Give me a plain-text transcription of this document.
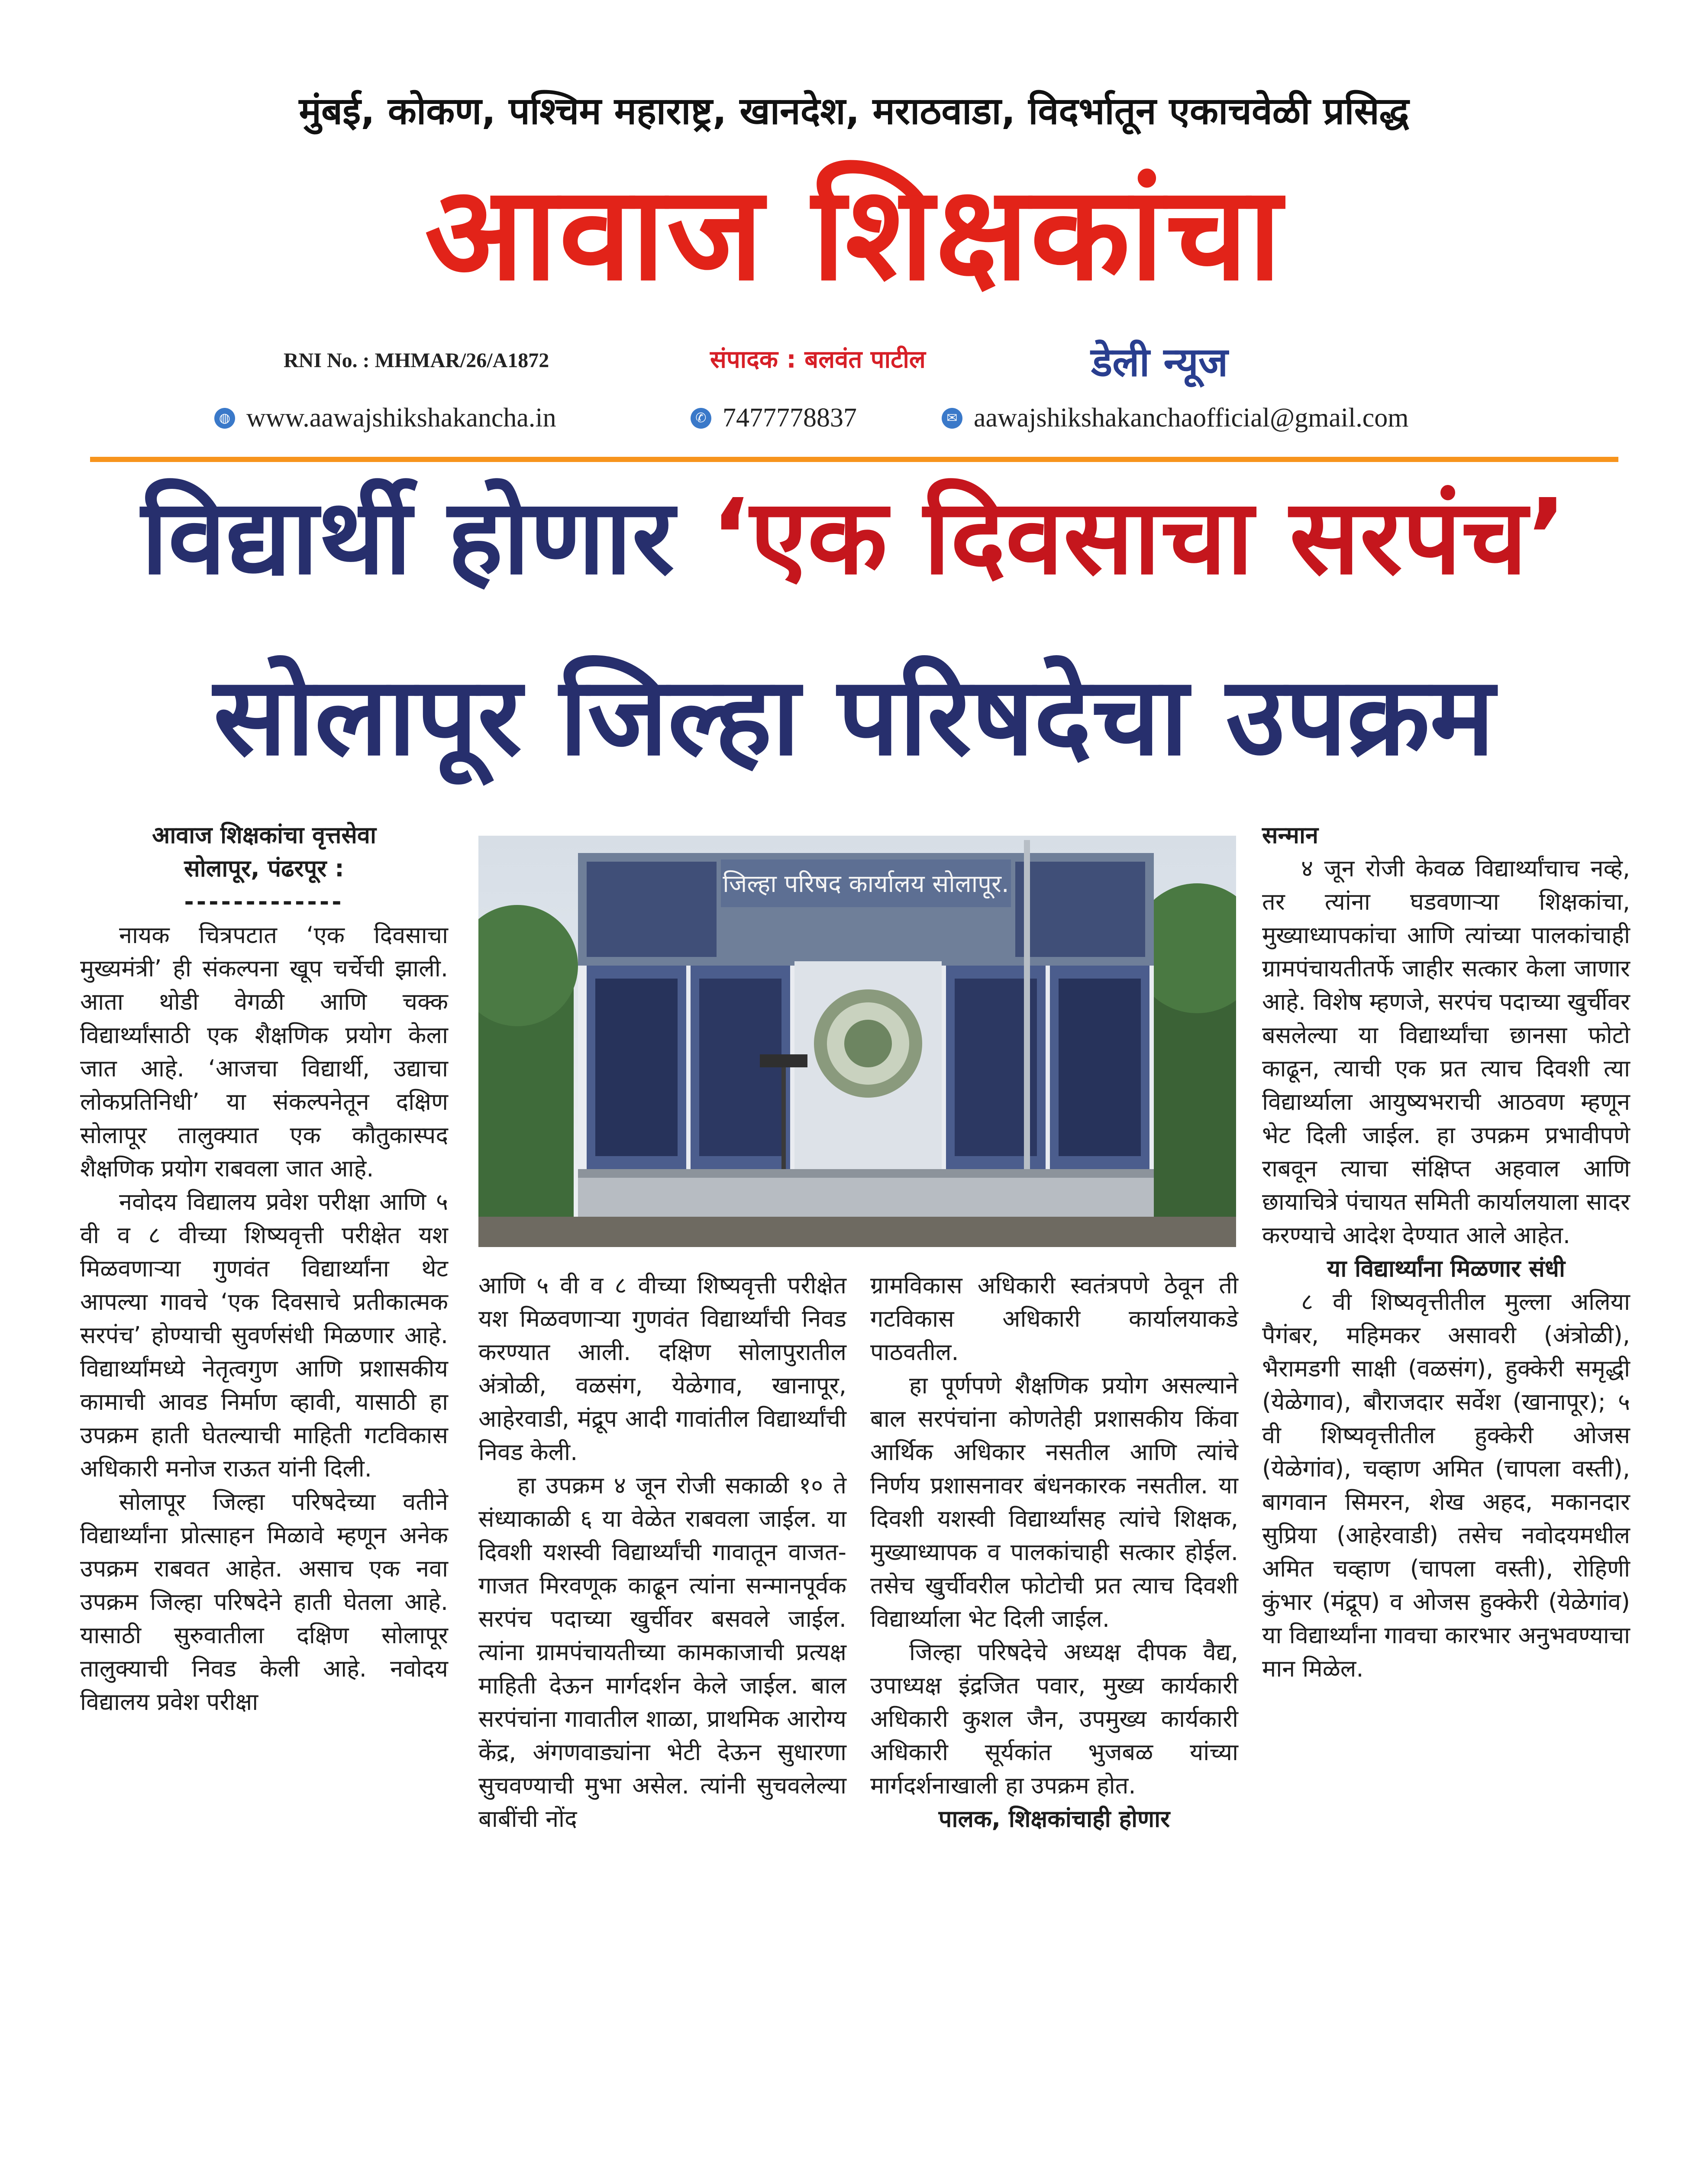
मुंबई, कोकण, पश्चिम महाराष्ट्र, खानदेश, मराठवाडा, विदर्भातून एकाचवेळी प्रसिद्ध
आवाज शिक्षकांचा
RNI No. : MHMAR/26/A1872	संपादक : बलवंत पाटील	डेली न्यूज
◍ www.aawajshikshakancha.in	✆ 7477778837	✉ aawajshikshakanchaofficial@gmail.com
विद्यार्थी होणार ‘एक दिवसाचा सरपंच’
सोलापूर जिल्हा परिषदेचा उपक्रम
जिल्हा परिषद कार्यालय सोलापूर.

आवाज शिक्षकांचा वृत्तसेवा

सोलापूर, पंढरपूर :

-------------

नायक चित्रपटात ‘एक दिवसाचा मुख्यमंत्री’ ही संकल्पना खूप चर्चेची झाली. आता थोडी वेगळी आणि चक्क विद्यार्थ्यांसाठी एक शैक्षणिक प्रयोग केला जात आहे. ‘आजचा विद्यार्थी, उद्याचा लोकप्रतिनिधी’ या संकल्पनेतून दक्षिण सोलापूर तालुक्यात एक कौतुकास्पद शैक्षणिक प्रयोग राबवला जात आहे.

नवोदय विद्यालय प्रवेश परीक्षा आणि ५ वी व ८ वीच्या शिष्यवृत्ती परीक्षेत यश मिळवणाऱ्या गुणवंत विद्यार्थ्यांना थेट आपल्या गावचे ‘एक दिवसाचे प्रतीकात्मक सरपंच’ होण्याची सुवर्णसंधी मिळणार आहे. विद्यार्थ्यांमध्ये नेतृत्वगुण आणि प्रशासकीय कामाची आवड निर्माण व्हावी, यासाठी हा उपक्रम हाती घेतल्याची माहिती गटविकास अधिकारी मनोज राऊत यांनी दिली.

सोलापूर जिल्हा परिषदेच्या वतीने विद्यार्थ्यांना प्रोत्साहन मिळावे म्हणून अनेक उपक्रम राबवत आहेत. असाच एक नवा उपक्रम जिल्हा परिषदेने हाती घेतला आहे. यासाठी सुरुवातीला दक्षिण सोलापूर तालुक्याची निवड केली आहे. नवोदय विद्यालय प्रवेश परीक्षा

आणि ५ वी व ८ वीच्या शिष्यवृत्ती परीक्षेत यश मिळवणाऱ्या गुणवंत विद्यार्थ्यांची निवड करण्यात आली. दक्षिण सोलापुरातील अंत्रोळी, वळसंग, येळेगाव, खानापूर, आहेरवाडी, मंद्रूप आदी गावांतील विद्यार्थ्यांची निवड केली.

हा उपक्रम ४ जून रोजी सकाळी १० ते संध्याकाळी ६ या वेळेत राबवला जाईल. या दिवशी यशस्वी विद्यार्थ्यांची गावातून वाजत-गाजत मिरवणूक काढून त्यांना सन्मानपूर्वक सरपंच पदाच्या खुर्चीवर बसवले जाईल. त्यांना ग्रामपंचायतीच्या कामकाजाची प्रत्यक्ष माहिती देऊन मार्गदर्शन केले जाईल. बाल सरपंचांना गावातील शाळा, प्राथमिक आरोग्य केंद्र, अंगणवाड्यांना भेटी देऊन सुधारणा सुचवण्याची मुभा असेल. त्यांनी सुचवलेल्या बाबींची नोंद

ग्रामविकास अधिकारी स्वतंत्रपणे ठेवून ती गटविकास अधिकारी कार्यालयाकडे पाठवतील.

हा पूर्णपणे शैक्षणिक प्रयोग असल्याने बाल सरपंचांना कोणतेही प्रशासकीय किंवा आर्थिक अधिकार नसतील आणि त्यांचे निर्णय प्रशासनावर बंधनकारक नसतील. या दिवशी यशस्वी विद्यार्थ्यांसह त्यांचे शिक्षक, मुख्याध्यापक व पालकांचाही सत्कार होईल. तसेच खुर्चीवरील फोटोची प्रत त्याच दिवशी विद्यार्थ्याला भेट दिली जाईल.

जिल्हा परिषदेचे अध्यक्ष दीपक वैद्य, उपाध्यक्ष इंद्रजित पवार, मुख्य कार्यकारी अधिकारी कुशल जैन, उपमुख्य कार्यकारी अधिकारी सूर्यकांत भुजबळ यांच्या मार्गदर्शनाखाली हा उपक्रम होत.

पालक, शिक्षकांचाही होणार

सन्मान

४ जून रोजी केवळ विद्यार्थ्यांचाच नव्हे, तर त्यांना घडवणाऱ्या शिक्षकांचा, मुख्याध्यापकांचा आणि त्यांच्या पालकांचाही ग्रामपंचायतीतर्फे जाहीर सत्कार केला जाणार आहे. विशेष म्हणजे, सरपंच पदाच्या खुर्चीवर बसलेल्या या विद्यार्थ्यांचा छानसा फोटो काढून, त्याची एक प्रत त्याच दिवशी त्या विद्यार्थ्याला आयुष्यभराची आठवण म्हणून भेट दिली जाईल. हा उपक्रम प्रभावीपणे राबवून त्याचा संक्षिप्त अहवाल आणि छायाचित्रे पंचायत समिती कार्यालयाला सादर करण्याचे आदेश देण्यात आले आहेत.

या विद्यार्थ्यांना मिळणार संधी

८ वी शिष्यवृत्तीतील मुल्ला अलिया पैगंबर, महिमकर असावरी (अंत्रोळी), भैरामडगी साक्षी (वळसंग), हुक्केरी समृद्धी (येळेगाव), बौराजदार सर्वेश (खानापूर); ५ वी शिष्यवृत्तीतील हुक्केरी ओजस (येळेगांव), चव्हाण अमित (चापला वस्ती), बागवान सिमरन, शेख अहद, मकानदार सुप्रिया (आहेरवाडी) तसेच नवोदयमधील अमित चव्हाण (चापला वस्ती), रोहिणी कुंभार (मंद्रूप) व ओजस हुक्केरी (येळेगांव) या विद्यार्थ्यांना गावचा कारभार अनुभवण्याचा मान मिळेल.
